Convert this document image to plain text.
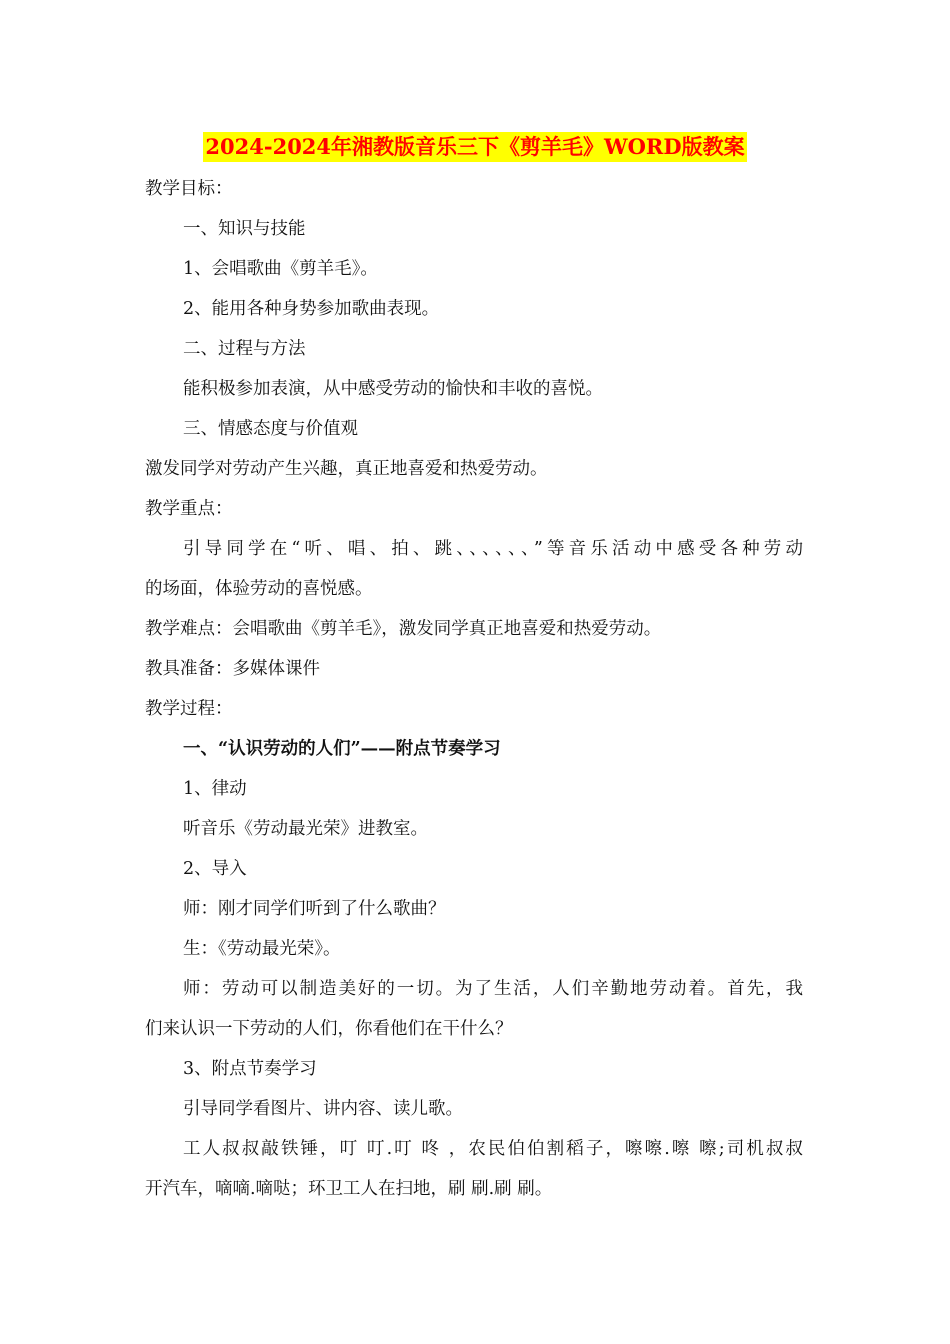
2024-2024年湘教版音乐三下《剪羊毛》WORD版教案
教学目标：
一、知识与技能
1、会唱歌曲《剪羊毛》。
2、能用各种身势参加歌曲表现。
二、过程与方法
能积极参加表演，从中感受劳动的愉快和丰收的喜悦。
三、情感态度与价值观
激发同学对劳动产生兴趣，真正地喜爱和热爱劳动。
教学重点：
引导同学在“听、唱、拍、跳、、、、、、”等音乐活动中感受各种劳动
的场面，体验劳动的喜悦感。
教学难点：会唱歌曲《剪羊毛》，激发同学真正地喜爱和热爱劳动。
教具准备：多媒体课件
教学过程：
一、“认识劳动的人们”——附点节奏学习
1、律动
听音乐《劳动最光荣》进教室。
2、导入
师：刚才同学们听到了什么歌曲？
生：《劳动最光荣》。
师：劳动可以制造美好的一切。为了生活，人们辛勤地劳动着。首先，我
们来认识一下劳动的人们，你看他们在干什么？
3、附点节奏学习
引导同学看图片、讲内容、读儿歌。
工人叔叔敲铁锤，叮 叮.叮 咚 ，农民伯伯割稻子，嚓嚓.嚓 嚓;司机叔叔
开汽车，嘀嘀.嘀哒；环卫工人在扫地，刷 刷.刷 刷。
